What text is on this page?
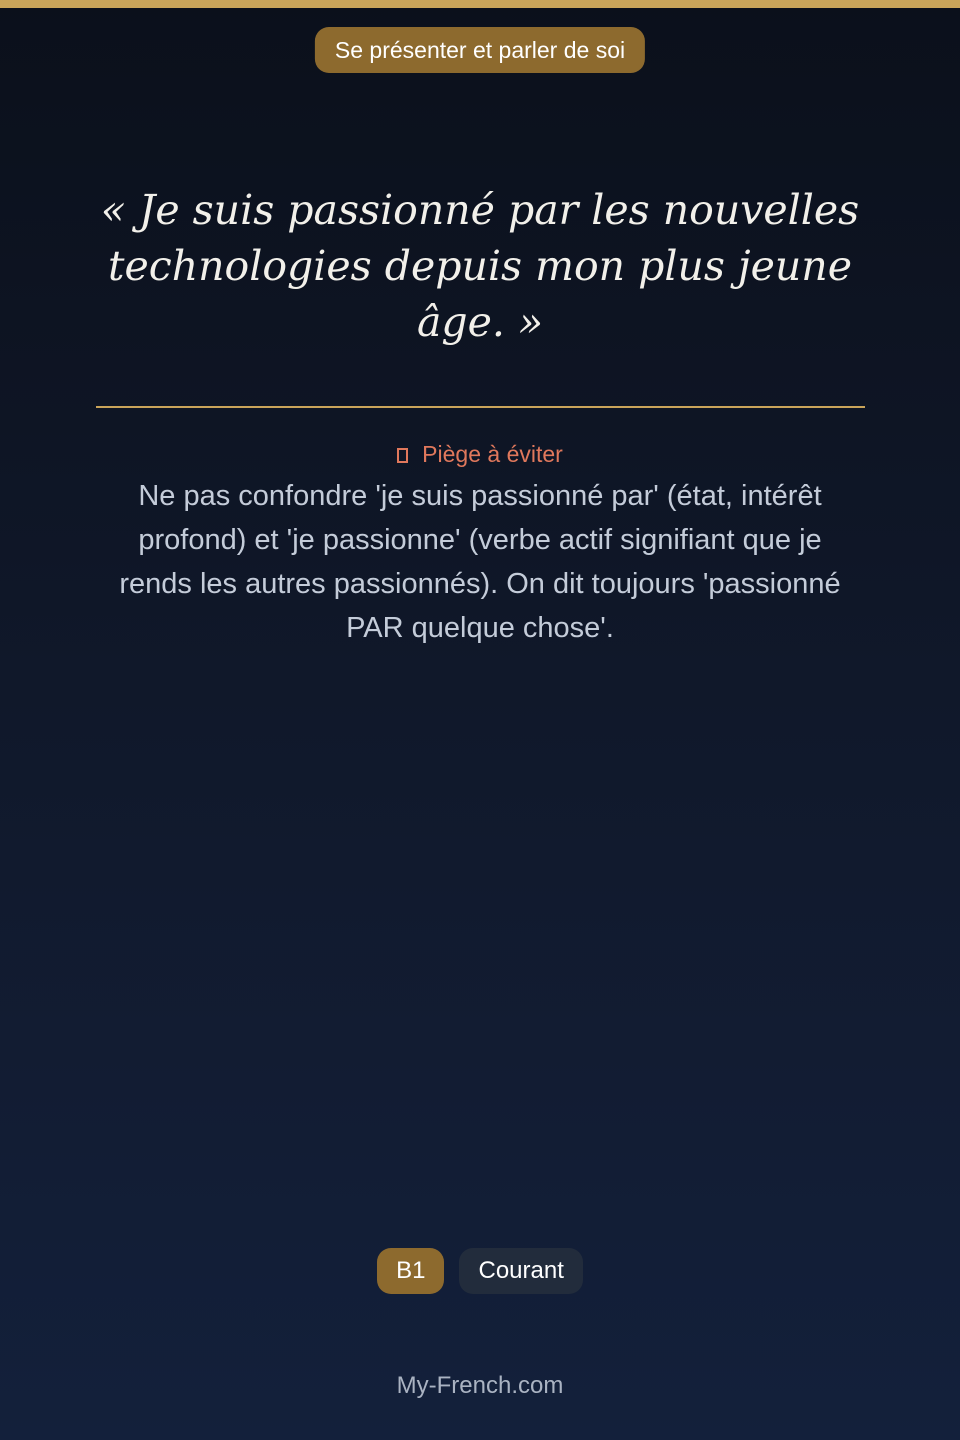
Se présenter et parler de soi

« Je suis passionné par les nouvelles technologies depuis mon plus jeune âge. »

Piège à éviter
Ne pas confondre 'je suis passionné par' (état, intérêt profond) et 'je passionne' (verbe actif signifiant que je rends les autres passionnés). On dit toujours 'passionné PAR quelque chose'.
B1	Courant
My-French.com
